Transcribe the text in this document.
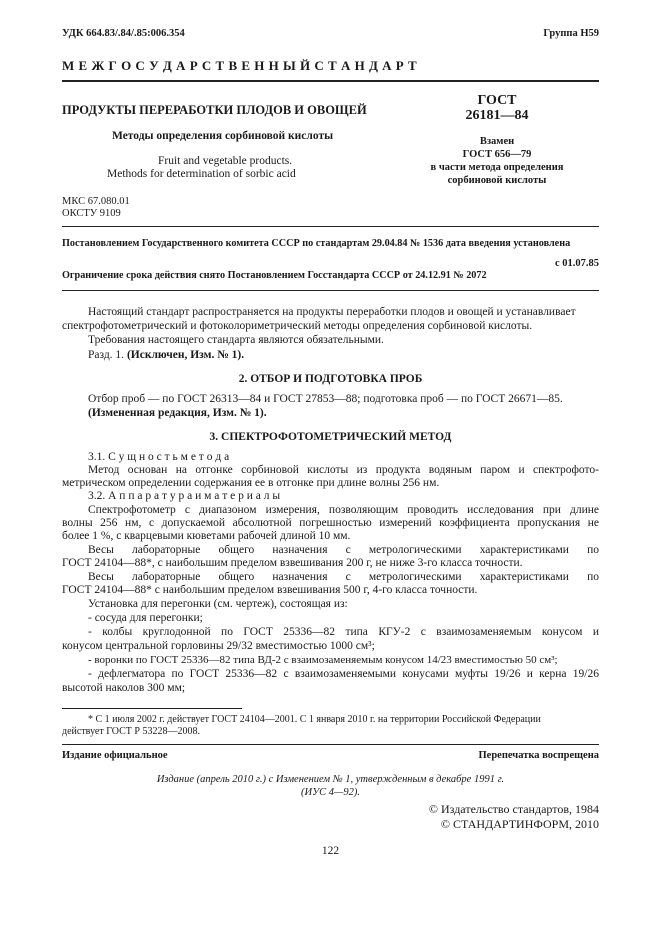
УДК 664.83/.84/.85:006.354	Группа Н59
М Е Ж Г О С У Д А Р С Т В Е Н Н Ы Й С Т А Н Д А Р Т
ПРОДУКТЫ ПЕРЕРАБОТКИ ПЛОДОВ И ОВОЩЕЙ
Методы определения сорбиновой кислоты
Fruit and vegetable products.
Methods for determination of sorbic acid
ГОСТ
26181—84
Взамен
ГОСТ 656—79
в части метода определения
сорбиновой кислоты
МКС 67.080.01
ОКСТУ 9109
Постановлением Государственного комитета СССР по стандартам 29.04.84 № 1536 дата введения установлена
с 01.07.85
Ограничение срока действия снято Постановлением Госстандарта СССР от 24.12.91 № 2072
Настоящий стандарт распространяется на продукты переработки плодов и овощей и устанавливает
спектрофотометрический и фотоколориметрический методы определения сорбиновой кислоты.
Требования настоящего стандарта являются обязательными.
Разд. 1. (Исключен, Изм. № 1).
2. ОТБОР И ПОДГОТОВКА ПРОБ
Отбор проб — по ГОСТ 26313—84 и ГОСТ 27853—88; подготовка проб — по ГОСТ 26671—85.
(Измененная редакция, Изм. № 1).
3. СПЕКТРОФОТОМЕТРИЧЕСКИЙ МЕТОД
3.1. С у щ н о с т ь м е т о д а
Метод основан на отгонке сорбиновой кислоты из продукта водяным паром и спектрофото-
метрическом определении содержания ее в отгонке при длине волны 256 нм.
3.2. А п п а р а т у р а и м а т е р и а л ы
Спектрофотометр с диапазоном измерения, позволяющим проводить исследования при длине
волны 256 нм, с допускаемой абсолютной погрешностью измерений коэффициента пропускания не
более 1 %, с кварцевыми кюветами рабочей длиной 10 мм.
Весы лабораторные общего назначения с метрологическими характеристиками по
ГОСТ 24104—88*, с наибольшим пределом взвешивания 200 г, не ниже 3-го класса точности.
Весы лабораторные общего назначения с метрологическими характеристиками по
ГОСТ 24104—88* с наибольшим пределом взвешивания 500 г, 4-го класса точности.
Установка для перегонки (см. чертеж), состоящая из:
- сосуда для перегонки;
- колбы круглодонной по ГОСТ 25336—82 типа КГУ-2 с взаимозаменяемым конусом и
конусом центральной горловины 29/32 вместимостью 1000 см³;
- воронки по ГОСТ 25336—82 типа ВД-2 с взаимозаменяемым конусом 14/23 вместимостью 50 см³;
- дефлегматора по ГОСТ 25336—82 с взаимозаменяемыми конусами муфты 19/26 и керна 19/26
высотой наколов 300 мм;
* С 1 июля 2002 г. действует ГОСТ 24104—2001. С 1 января 2010 г. на территории Российской Федерации
действует ГОСТ Р 53228—2008.
Издание официальное	Перепечатка воспрещена
Издание (апрель 2010 г.) с Изменением № 1, утвержденным в декабре 1991 г.
(ИУС 4—92).
© Издательство стандартов, 1984
© СТАНДАРТИНФОРМ, 2010
122
